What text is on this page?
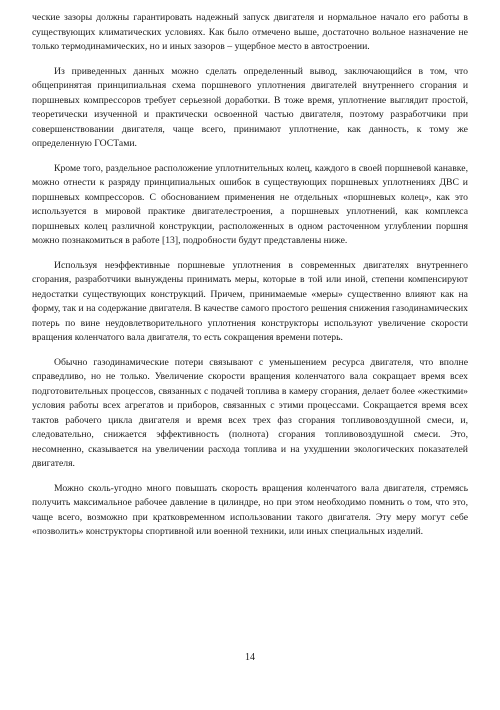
ческие зазоры должны гарантировать надежный запуск двигателя и нормальное начало его работы в существующих климатических условиях. Как было отмечено выше, достаточно вольное назначение не только термодинамических, но и иных зазоров – ущербное место в автостроении.

Из приведенных данных можно сделать определенный вывод, заключающийся в том, что общепринятая принципиальная схема поршневого уплотнения двигателей внутреннего сгорания и поршневых компрессоров требует серьезной доработки. В тоже время, уплотнение выглядит простой, теоретически изученной и практически освоенной частью двигателя, поэтому разработчики при совершенствовании двигателя, чаще всего, принимают уплотнение, как данность, к тому же определенную ГОСТами.

Кроме того, раздельное расположение уплотнительных колец, каждого в своей поршневой канавке, можно отнести к разряду принципиальных ошибок в существующих поршневых уплотнениях ДВС и поршневых компрессоров. С обоснованием применения не отдельных «поршневых колец», как это используется в мировой практике двигателестроения, а поршневых уплотнений, как комплекса поршневых колец различной конструкции, расположенных в одном расточенном углублении поршня можно познакомиться в работе [13], подробности будут представлены ниже.

Используя неэффективные поршневые уплотнения в современных двигателях внутреннего сгорания, разработчики вынуждены принимать меры, которые в той или иной, степени компенсируют недостатки существующих конструкций. Причем, принимаемые «меры» существенно влияют как на форму, так и на содержание двигателя. В качестве самого простого решения снижения газодинамических потерь по вине неудовлетворительного уплотнения конструкторы используют увеличение скорости вращения коленчатого вала двигателя, то есть сокращения времени потерь.

Обычно газодинамические потери связывают с уменьшением ресурса двигателя, что вполне справедливо, но не только. Увеличение скорости вращения коленчатого вала сокращает время всех подготовительных процессов, связанных с подачей топлива в камеру сгорания, делает более «жесткими» условия работы всех агрегатов и приборов, связанных с этими процессами. Сокращается время всех тактов рабочего цикла двигателя и время всех трех фаз сгорания топливовоздушной смеси, и, следовательно, снижается эффективность (полнота) сгорания топливовоздушной смеси. Это, несомненно, сказывается на увеличении расхода топлива и на ухудшении экологических показателей двигателя.

Можно сколь-угодно много повышать скорость вращения коленчатого вала двигателя, стремясь получить максимальное рабочее давление в цилиндре, но при этом необходимо помнить о том, что это, чаще всего, возможно при кратковременном использовании такого двигателя. Эту меру могут себе «позволить» конструкторы спортивной или военной техники, или иных специальных изделий.

14
